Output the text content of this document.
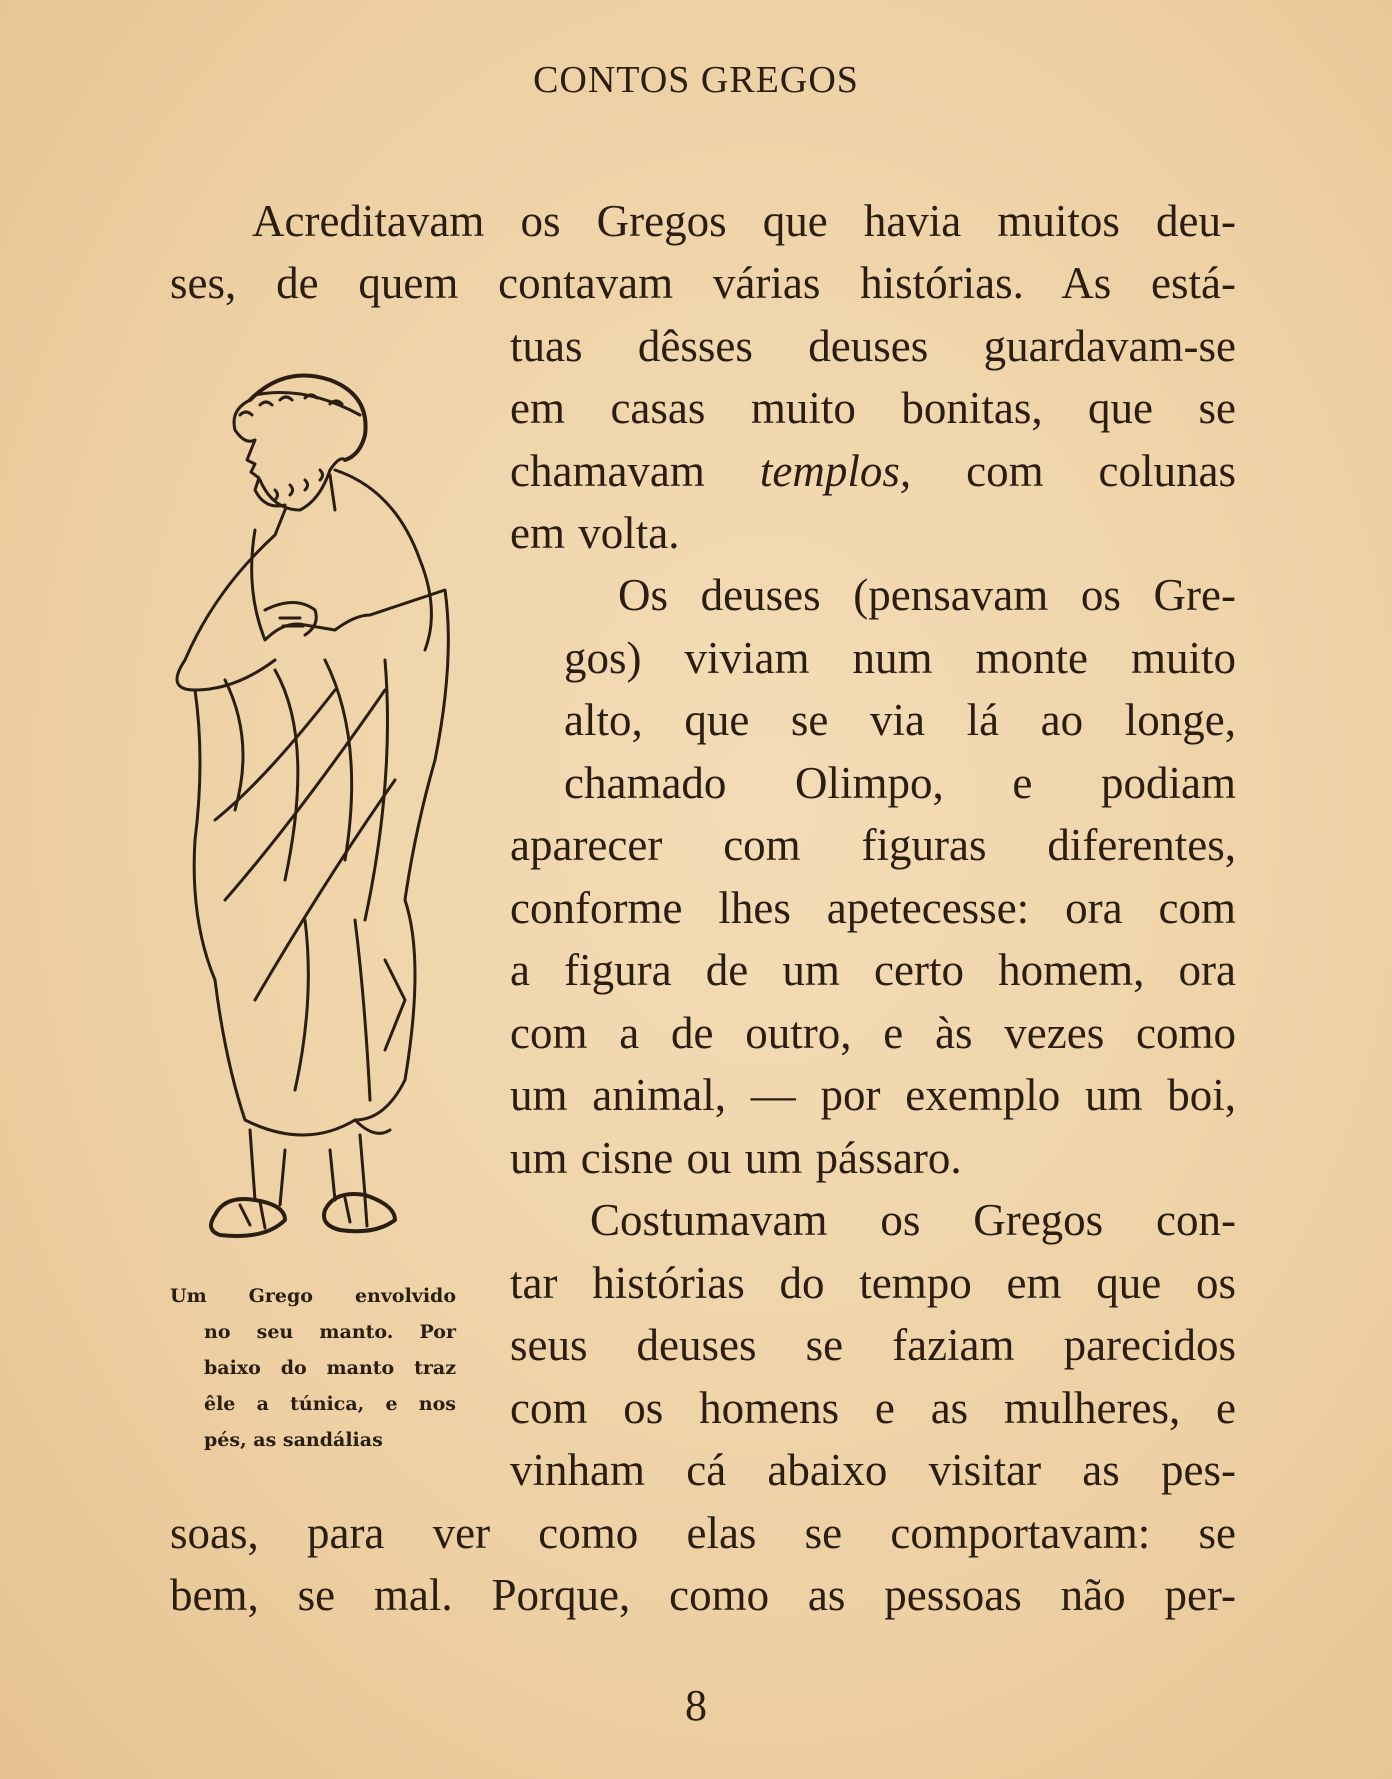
CONTOS GREGOS
Acreditavam os Gregos que havia muitos deu-
ses, de quem contavam várias histórias. As está-
tuas dêsses deuses guardavam-se
em casas muito bonitas, que se
chamavam templos, com colunas
em volta.
Os deuses (pensavam os Gre-
gos) viviam num monte muito
alto, que se via lá ao longe,
chamado Olimpo, e podiam
aparecer com figuras diferentes,
conforme lhes apetecesse: ora com
a figura de um certo homem, ora
com a de outro, e às vezes como
um animal, — por exemplo um boi,
um cisne ou um pássaro.
Costumavam os Gregos con-
tar histórias do tempo em que os
seus deuses se faziam parecidos
com os homens e as mulheres, e
vinham cá abaixo visitar as pes-
soas, para ver como elas se comportavam: se
bem, se mal. Porque, como as pessoas não per-
Um Grego envolvido
no seu manto. Por
baixo do manto traz
êle a túnica, e nos
pés, as sandálias
8
